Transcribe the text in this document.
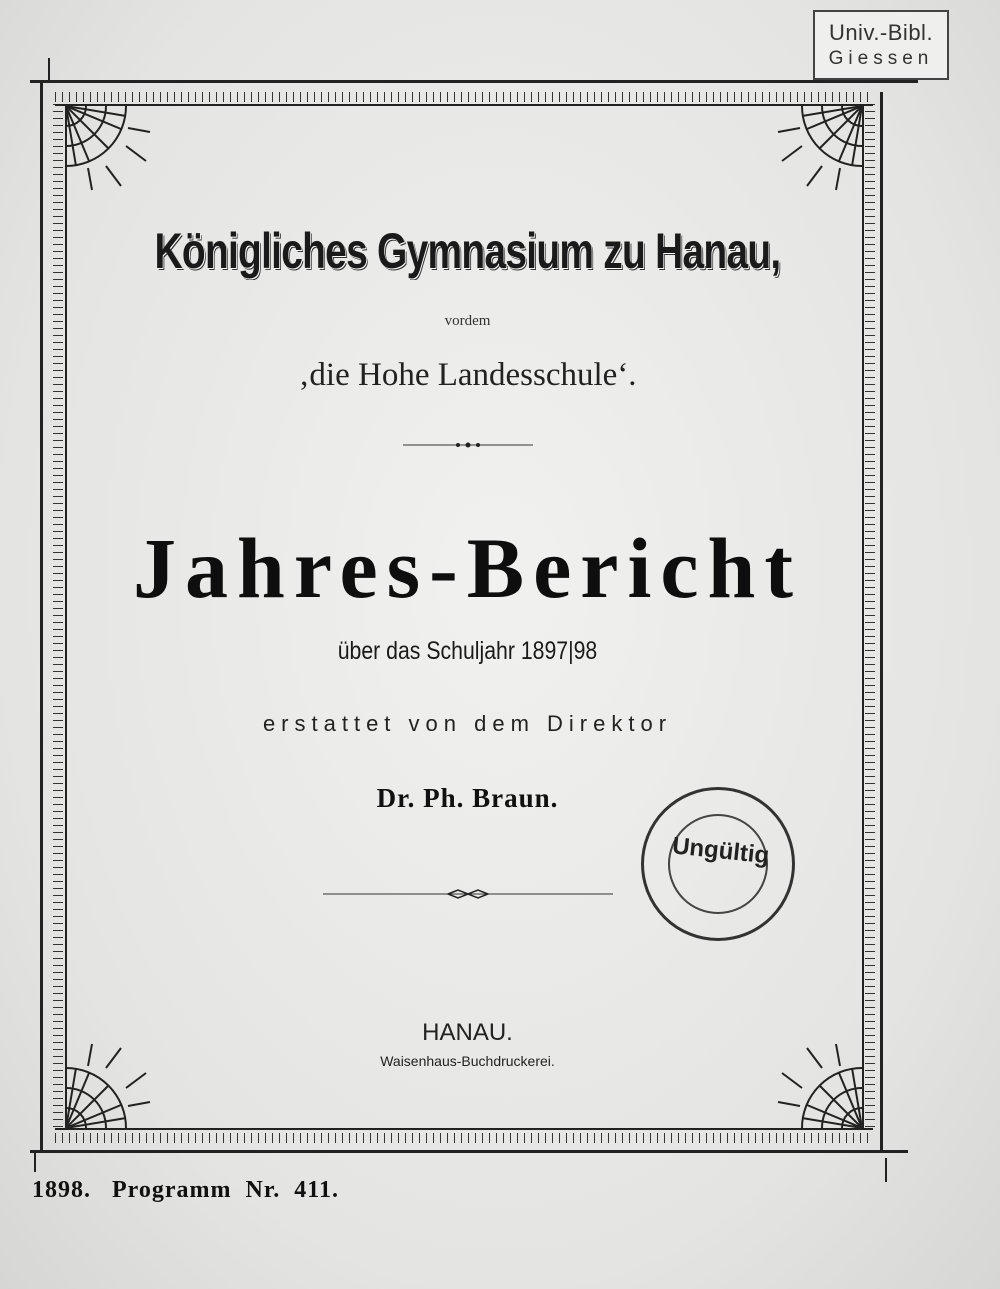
Univ.-Bibl.
Giessen
Königliches Gymnasium zu Hanau,
vordem
‚die Hohe Landesschule‘.
Jahres-Bericht
über das Schuljahr 1897|98
erstattet von dem Direktor
Dr. Ph. Braun.
HANAU.
Waisenhaus-Buchdruckerei.
Ungültig
1898.   Programm  Nr.  411.
